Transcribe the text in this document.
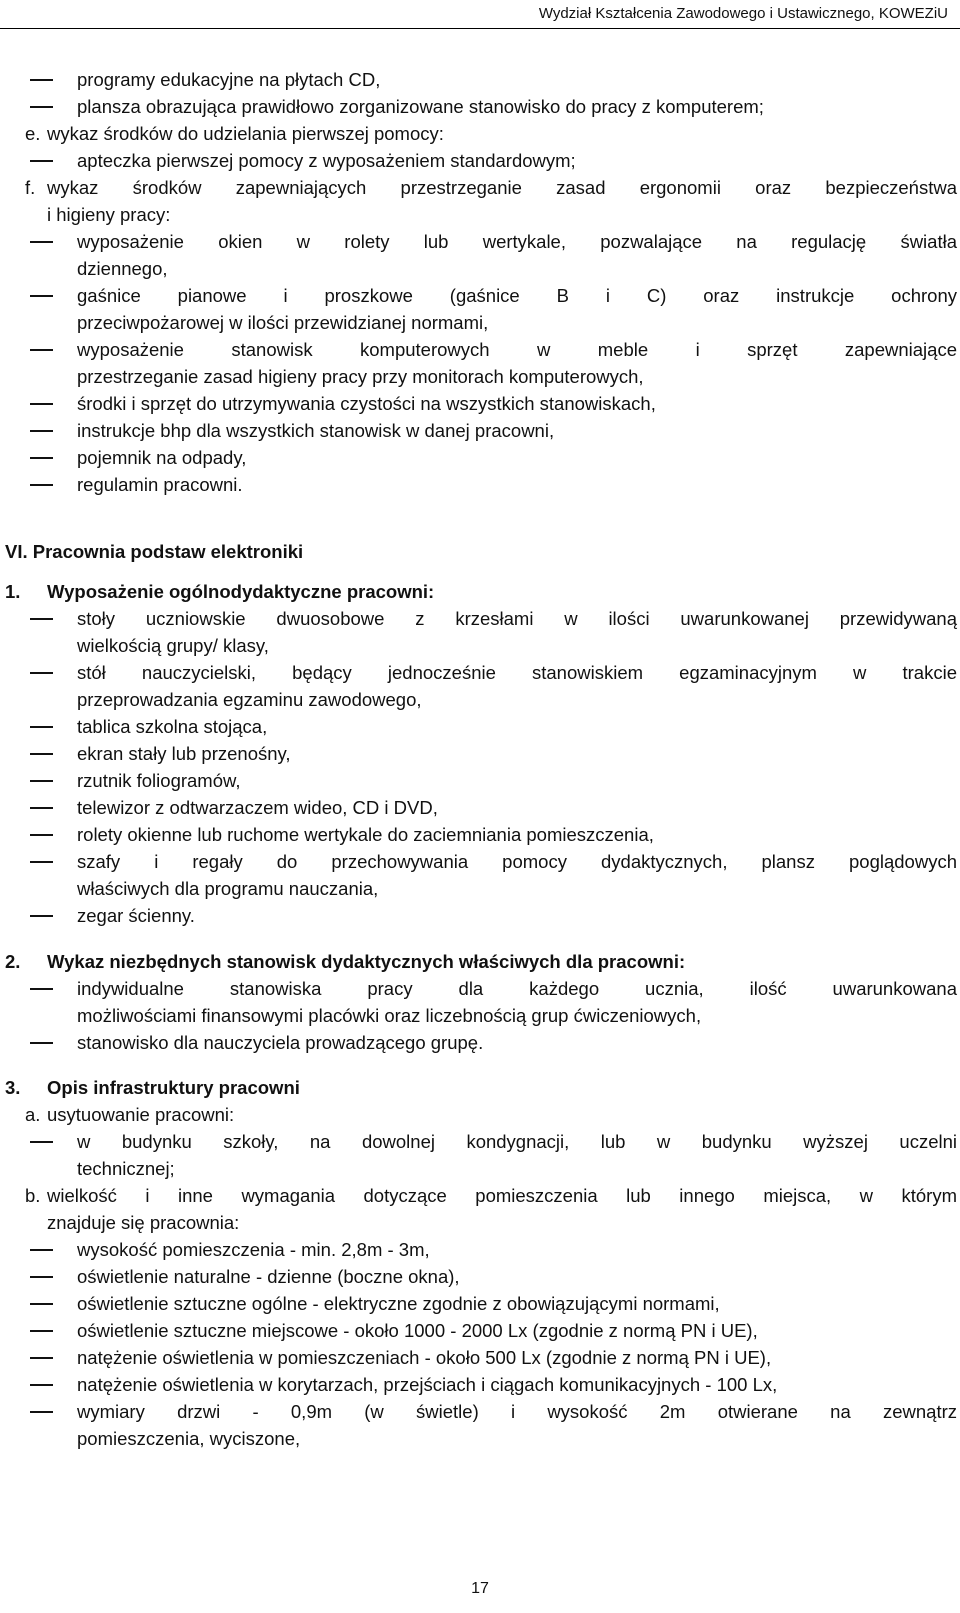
Wydział Kształcenia Zawodowego i Ustawicznego, KOWEZiU
programy edukacyjne na płytach CD,
plansza obrazująca prawidłowo zorganizowane stanowisko do pracy z komputerem;
e. wykaz środków do udzielania pierwszej pomocy:
apteczka pierwszej pomocy z wyposażeniem standardowym;
f. wykaz środków zapewniających przestrzeganie zasad ergonomii oraz bezpieczeństwa
i higieny pracy:
wyposażenie okien w rolety lub wertykale, pozwalające na regulację światła
dziennego,
gaśnice pianowe i proszkowe (gaśnice B i C) oraz instrukcje ochrony
przeciwpożarowej w ilości przewidzianej normami,
wyposażenie stanowisk komputerowych w meble i sprzęt zapewniające
przestrzeganie zasad higieny pracy przy monitorach komputerowych,
środki i sprzęt do utrzymywania czystości na wszystkich stanowiskach,
instrukcje bhp dla wszystkich stanowisk w danej pracowni,
pojemnik na odpady,
regulamin pracowni.
VI. Pracownia podstaw elektroniki
1. Wyposażenie ogólnodydaktyczne pracowni:
stoły uczniowskie dwuosobowe z krzesłami w ilości uwarunkowanej przewidywaną
wielkością grupy/ klasy,
stół nauczycielski, będący jednocześnie stanowiskiem egzaminacyjnym w trakcie
przeprowadzania egzaminu zawodowego,
tablica szkolna stojąca,
ekran stały lub przenośny,
rzutnik foliogramów,
telewizor z odtwarzaczem wideo, CD i DVD,
rolety okienne lub ruchome wertykale do zaciemniania pomieszczenia,
szafy i regały do przechowywania pomocy dydaktycznych, plansz poglądowych
właściwych dla programu nauczania,
zegar ścienny.
2. Wykaz niezbędnych stanowisk dydaktycznych właściwych dla pracowni:
indywidualne stanowiska pracy dla każdego ucznia, ilość uwarunkowana
możliwościami finansowymi placówki oraz liczebnością grup ćwiczeniowych,
stanowisko dla nauczyciela prowadzącego grupę.
3. Opis infrastruktury pracowni
a. usytuowanie pracowni:
w budynku szkoły, na dowolnej kondygnacji, lub w budynku wyższej uczelni
technicznej;
b. wielkość i inne wymagania dotyczące pomieszczenia lub innego miejsca, w którym
znajduje się pracownia:
wysokość pomieszczenia - min. 2,8m - 3m,
oświetlenie naturalne - dzienne (boczne okna),
oświetlenie sztuczne ogólne - elektryczne zgodnie z obowiązującymi normami,
oświetlenie sztuczne miejscowe - około 1000 - 2000 Lx (zgodnie z normą PN i UE),
natężenie oświetlenia w pomieszczeniach - około 500 Lx (zgodnie z normą PN i UE),
natężenie oświetlenia w korytarzach, przejściach i ciągach komunikacyjnych - 100 Lx,
wymiary drzwi - 0,9m (w świetle) i wysokość 2m otwierane na zewnątrz
pomieszczenia, wyciszone,
17
